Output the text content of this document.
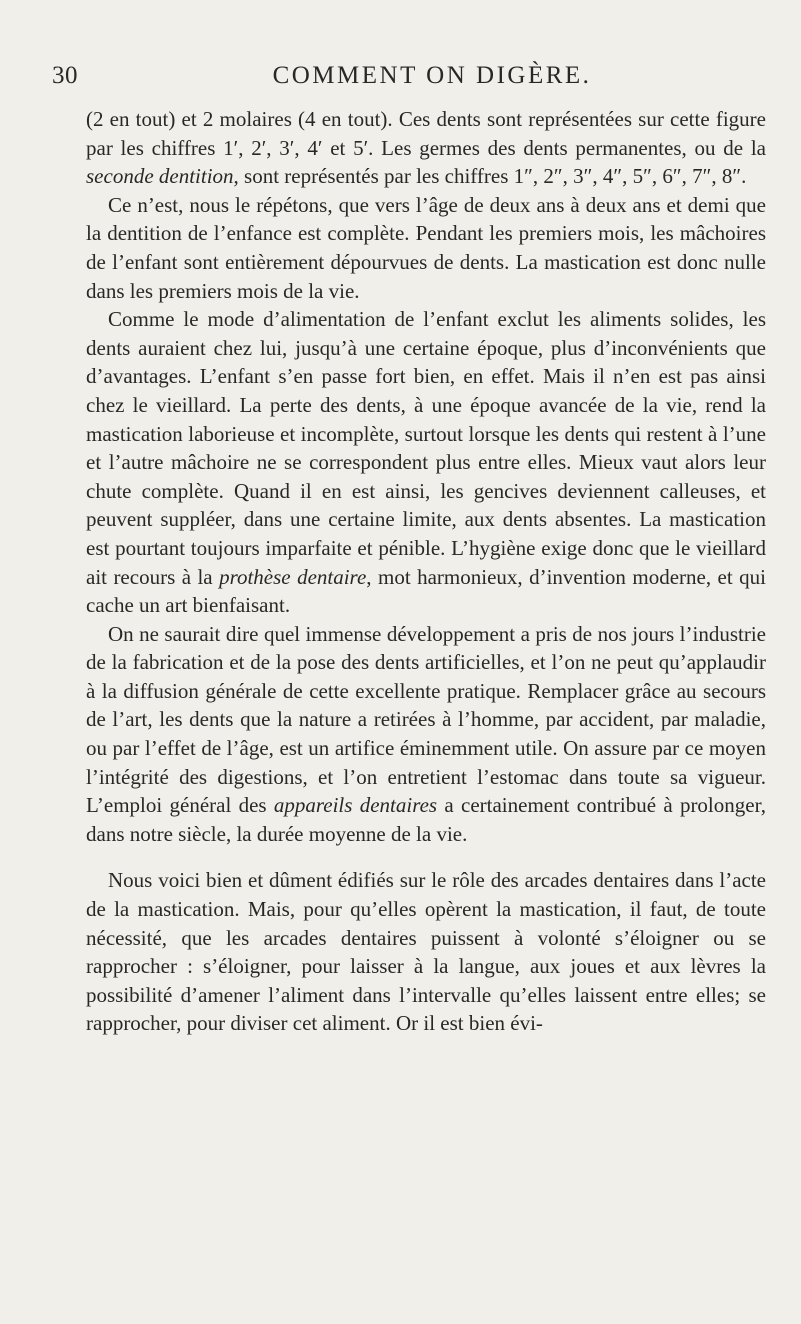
30	COMMENT ON DIGÈRE.

(2 en tout) et 2 molaires (4 en tout). Ces dents sont représentées sur cette figure par les chiffres 1′, 2′, 3′, 4′ et 5′. Les germes des dents permanentes, ou de la seconde dentition, sont représentés par les chiffres 1″, 2″, 3″, 4″, 5″, 6″, 7″, 8″.

Ce n’est, nous le répétons, que vers l’âge de deux ans à deux ans et demi que la dentition de l’enfance est complète. Pendant les premiers mois, les mâchoires de l’enfant sont entièrement dépourvues de dents. La mastication est donc nulle dans les premiers mois de la vie.

Comme le mode d’alimentation de l’enfant exclut les aliments solides, les dents auraient chez lui, jusqu’à une certaine époque, plus d’inconvénients que d’avantages. L’enfant s’en passe fort bien, en effet. Mais il n’en est pas ainsi chez le vieillard. La perte des dents, à une époque avancée de la vie, rend la mastication laborieuse et incomplète, surtout lorsque les dents qui restent à l’une et l’autre mâchoire ne se correspondent plus entre elles. Mieux vaut alors leur chute complète. Quand il en est ainsi, les gencives deviennent calleuses, et peuvent suppléer, dans une certaine limite, aux dents absentes. La mastication est pourtant toujours imparfaite et pénible. L’hygiène exige donc que le vieillard ait recours à la prothèse dentaire, mot harmonieux, d’invention moderne, et qui cache un art bienfaisant.

On ne saurait dire quel immense développement a pris de nos jours l’industrie de la fabrication et de la pose des dents artificielles, et l’on ne peut qu’applaudir à la diffusion générale de cette excellente pratique. Remplacer grâce au secours de l’art, les dents que la nature a retirées à l’homme, par accident, par maladie, ou par l’effet de l’âge, est un artifice éminemment utile. On assure par ce moyen l’intégrité des digestions, et l’on entretient l’estomac dans toute sa vigueur. L’emploi général des appareils dentaires a certainement contribué à prolonger, dans notre siècle, la durée moyenne de la vie.

Nous voici bien et dûment édifiés sur le rôle des arcades dentaires dans l’acte de la mastication. Mais, pour qu’elles opèrent la mastication, il faut, de toute nécessité, que les arcades dentaires puissent à volonté s’éloigner ou se rapprocher : s’éloigner, pour laisser à la langue, aux joues et aux lèvres la possibilité d’amener l’aliment dans l’intervalle qu’elles laissent entre elles; se rapprocher, pour diviser cet aliment. Or il est bien évi-
